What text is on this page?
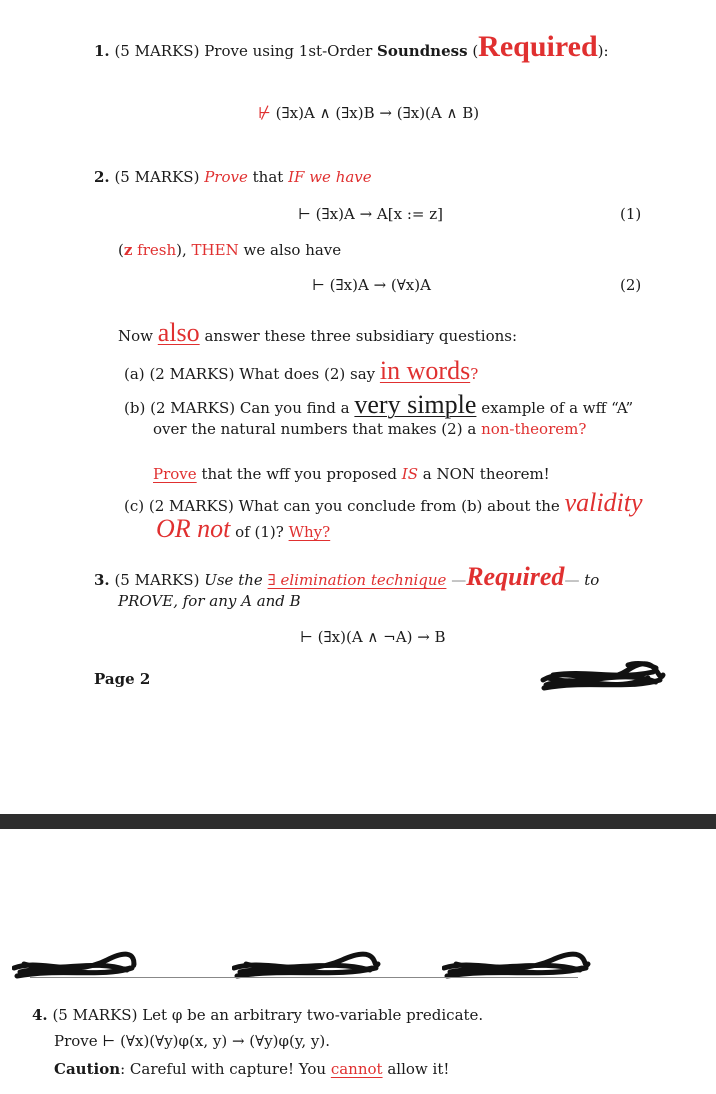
1. (5 MARKS) Prove using 1st-Order Soundness (Required):
⊬ (∃x)A ∧ (∃x)B → (∃x)(A ∧ B)
2. (5 MARKS) Prove that IF we have
⊢ (∃x)A → A[x := z]	(1)
(z fresh), THEN we also have
⊢ (∃x)A → (∀x)A	(2)
Now also answer these three subsidiary questions:
(a) (2 MARKS) What does (2) say in words?
(b) (2 MARKS) Can you find a very simple example of a wff “A”
over the natural numbers that makes (2) a non-theorem?
Prove that the wff you proposed IS a NON theorem!
(c) (2 MARKS) What can you conclude from (b) about the validity
OR not of (1)? Why?
3. (5 MARKS) Use the ∃ elimination technique —Required— to
PROVE, for any A and B
⊢ (∃x)(A ∧ ¬A) → B
Page 2
4. (5 MARKS) Let φ be an arbitrary two-variable predicate.
Prove ⊢ (∀x)(∀y)φ(x, y) → (∀y)φ(y, y).
Caution: Careful with capture! You cannot allow it!
